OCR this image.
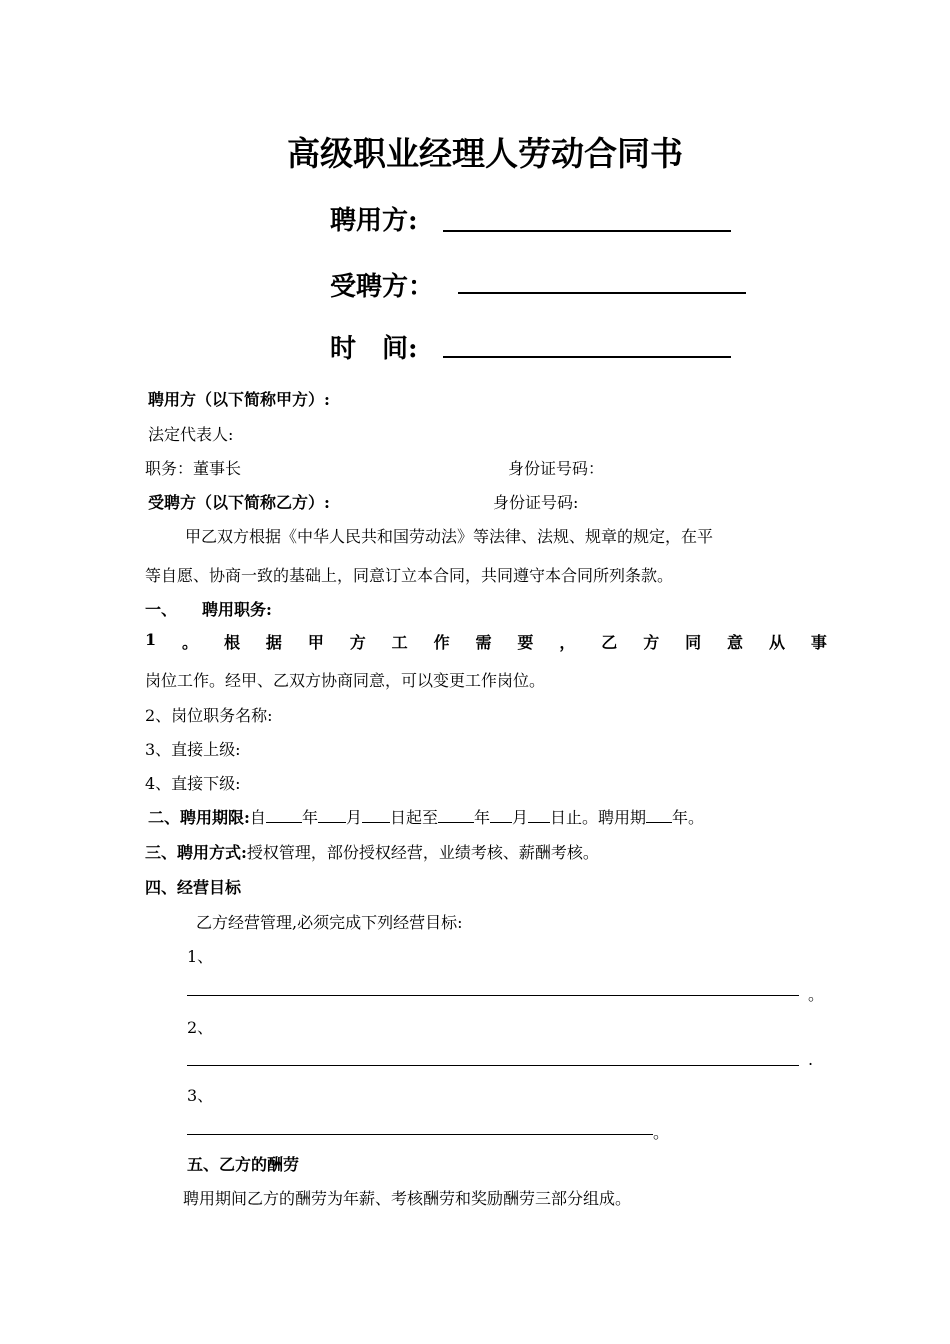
高级职业经理人劳动合同书
聘用方:
受聘方：
时　间:
聘用方（以下简称甲方）:
法定代表人:
职务：董事长	身份证号码：
受聘方（以下简称乙方）:	身份证号码:
甲乙双方根据《中华人民共和国劳动法》等法律、法规、规章的规定，在平
等自愿、协商一致的基础上，同意订立本合同，共同遵守本合同所列条款。
一、 聘用职务:
1 。 根 据 甲 方 工 作 需 要 ， 乙 方 同 意 从 事
岗位工作。经甲、乙双方协商同意，可以变更工作岗位。
2、岗位职务名称:
3、直接上级:
4、直接下级:
二、聘用期限:自 年 月 日起至 年 月 日止。聘用期 年。
三、聘用方式:授权管理，部份授权经营，业绩考核、薪酬考核。
四、经营目标
乙方经营管理,必须完成下列经营目标:
1、
。
2、
.
3、
。
五、乙方的酬劳
聘用期间乙方的酬劳为年薪、考核酬劳和奖励酬劳三部分组成。
